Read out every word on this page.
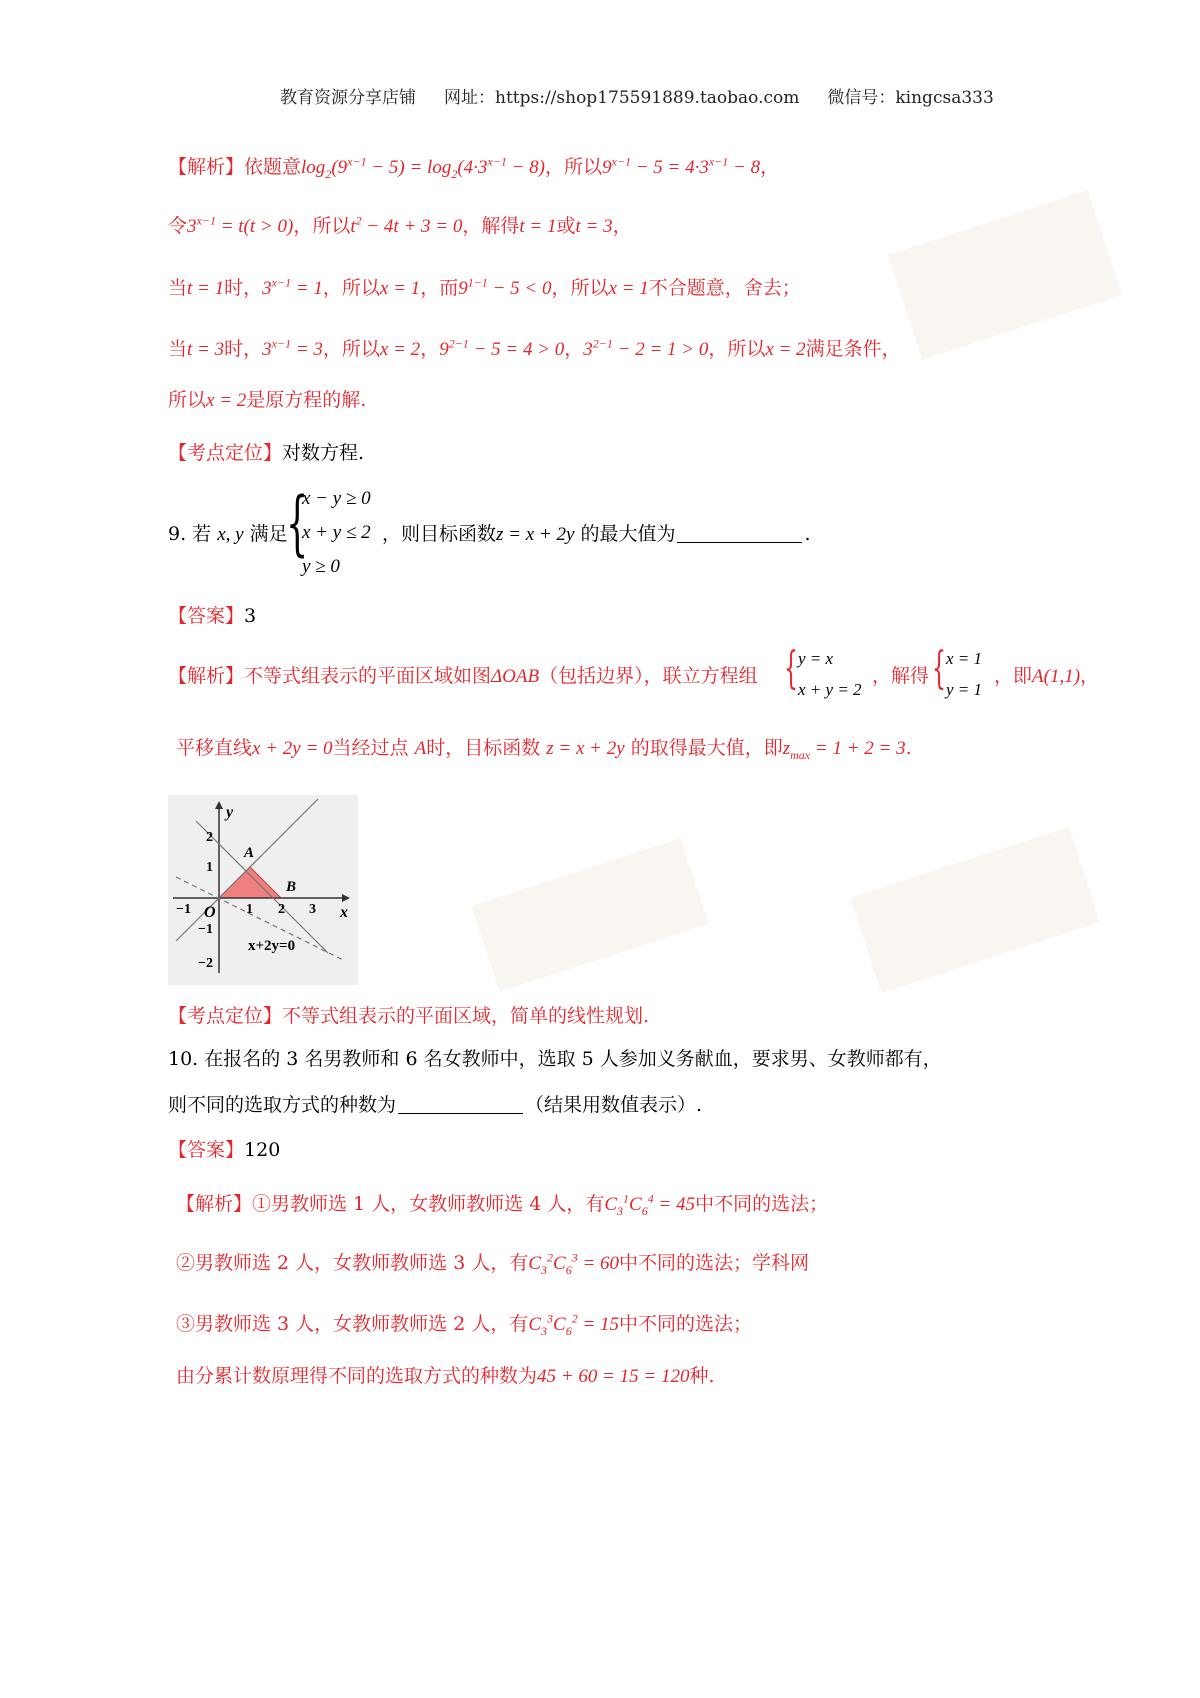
教育资源分享店铺 网址：https://shop175591889.taobao.com 微信号：kingcsa333
【解析】依题意$\log_2(9^{x-1} - 5) = \log_2(4\cdot 3^{x-1} - 8)$，所以$9^{x-1} - 5 = 4\cdot 3^{x-1} - 8$，
令$3^{x-1} = t(t > 0)$，所以$t^2 - 4t + 3 = 0$，解得t = 1或t = 3，
当t = 1时，$3^{x-1} = 1$，所以x = 1，而$9^{1-1} - 5 < 0$，所以x = 1不合题意，舍去；
当t = 3时，$3^{x-1} = 3$，所以x = 2，$9^{2-1} - 5 = 4 > 0$，$3^{2-1} - 2 = 1 > 0$，所以x = 2满足条件，
所以x = 2是原方程的解.
【考点定位】对数方程.
9. 若 x, y 满足
{
x − y ≥ 0
x + y ≤ 2
y ≥ 0
，则目标函数z = x + 2y 的最大值为	.
【答案】3
【解析】不等式组表示的平面区域如图ΔOAB（包括边界），联立方程组 { y = x
x + y = 2
，解得 { x = 1
y = 1
，即A(1,1)，
平移直线x + 2y = 0当经过点 A时，目标函数 z = x + 2y 的取得最大值，即$z_{max} = 1 + 2 = 3$.
y
x
O
A
B
−1	1 2 3
2
1
−1
−2
x+2y=0
【考点定位】不等式组表示的平面区域，简单的线性规划.
10. 在报名的 3 名男教师和 6 名女教师中，选取 5 人参加义务献血，要求男、女教师都有，
则不同的选取方式的种数为	（结果用数值表示）.
【答案】120
【解析】①男教师选 1 人，女教师教师选 4 人，有$C_3^1C_6^4 = 45$中不同的选法；
②男教师选 2 人，女教师教师选 3 人，有$C_3^2C_6^3 = 60$中不同的选法；学科网
③男教师选 3 人，女教师教师选 2 人，有$C_3^3C_6^2 = 15$中不同的选法；
由分累计数原理得不同的选取方式的种数为45 + 60 = 15 = 120种.
